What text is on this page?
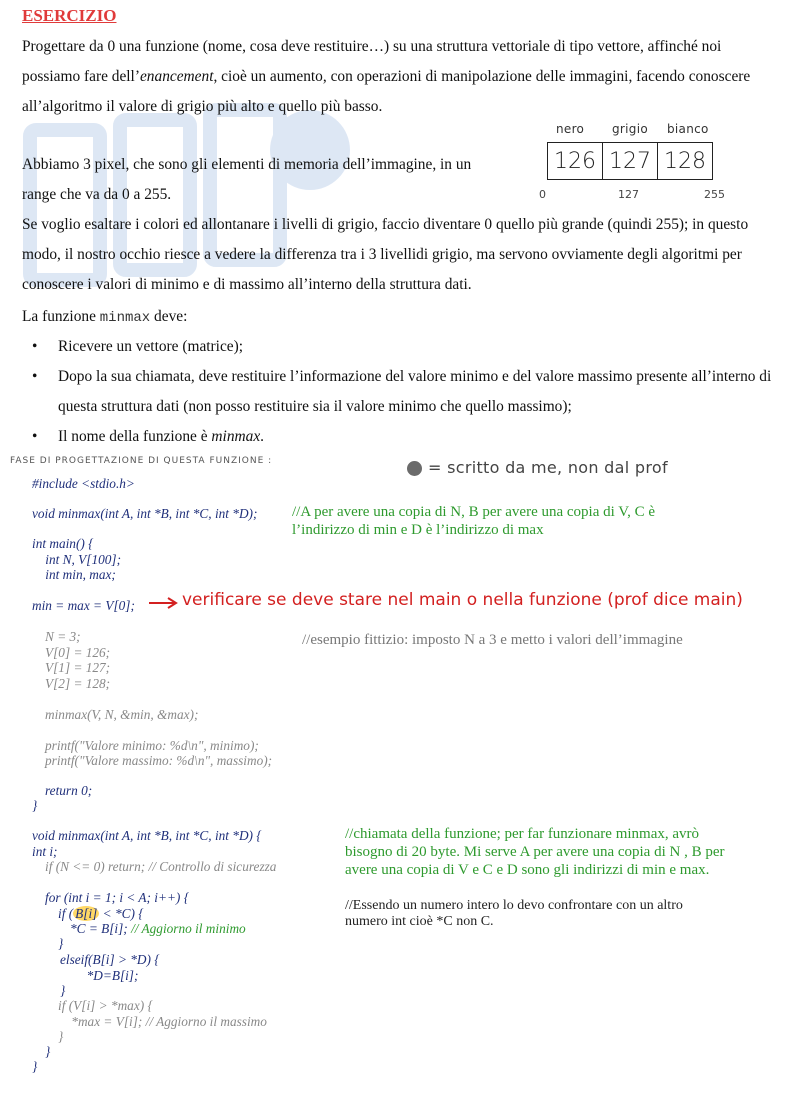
ESERCIZIO
Progettare da 0 una funzione (nome, cosa deve restituire…) su una struttura vettoriale di tipo vettore, affinché noi possiamo fare dell’enancement, cioè un aumento, con operazioni di manipolazione delle immagini, facendo conoscere all’algoritmo il valore di grigio più alto e quello più basso.
Abbiamo 3 pixel, che sono gli elementi di memoria dell’immagine, in un range che va da 0 a 255.
nero grigio bianco
126 127 128
0	127	255
Se voglio esaltare i colori ed allontanare i livelli di grigio, faccio diventare 0 quello più grande (quindi 255); in questo modo, il nostro occhio riesce a vedere la differenza tra i 3 livellidi grigio, ma servono ovviamente degli algoritmi per conoscere i valori di minimo e di massimo all’interno della struttura dati.
La funzione minmax deve:
• Ricevere un vettore (matrice);
• Dopo la sua chiamata, deve restituire l’informazione del valore minimo e del valore massimo presente all’interno di questa struttura dati (non posso restituire sia il valore minimo che quello massimo);
• Il nome della funzione è minmax.
FASE DI PROGETTAZIONE DI QUESTA FUNZIONE :	= scritto da me, non dal prof
#include <stdio.h>
void minmax(int A, int *B, int *C, int *D); //A per avere una copia di N, B per avere una copia di V, C è l’indirizzo di min e D è l’indirizzo di max
int main() {
int N, V[100];
int min, max;
min = max = V[0];	verificare se deve stare nel main o nella funzione (prof dice main)
N = 3;
V[0] = 126;
V[1] = 127;
V[2] = 128;

minmax(V, N, &min, &max);

printf("Valore minimo: %d\n", minimo);
printf("Valore massimo: %d\n", massimo);
//esempio fittizio: imposto N a 3 e metto i valori dell’immagine
return 0;
}
void minmax(int A, int *B, int *C, int *D) {
int i;
if (N <= 0) return; // Controllo di sicurezza
//chiamata della funzione; per far funzionare minmax, avrò bisogno di 20 byte. Mi serve A per avere una copia di N , B per avere una copia di V e C e D sono gli indirizzi di min e max.
//Essendo un numero intero lo devo confrontare con un altro numero int cioè *C non C.
for (int i = 1; i < A; i++) {
if ( B[i] < *C) {
*C = B[i]; // Aggiorno il minimo
}
elseif(B[i] > *D) {
*D=B[i];
}
if (V[i] > *max) {
*max = V[i]; // Aggiorno il massimo
}
}
}
